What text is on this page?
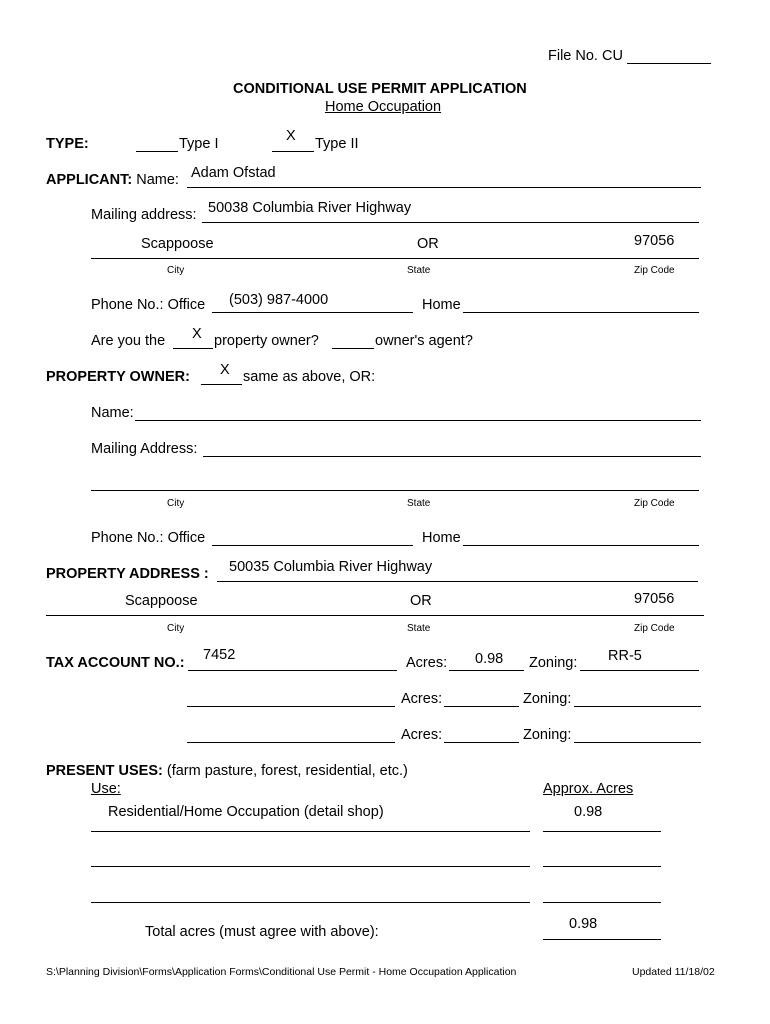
File No. CU
CONDITIONAL USE PERMIT APPLICATION
Home Occupation
TYPE:	Type I	X Type II
APPLICANT: Name: Adam Ofstad
Mailing address: 50038 Columbia River Highway
Scappoose	OR	97056
City	State	Zip Code
Phone No.: Office (503) 987-4000	Home
Are you the X property owner?	owner's agent?
PROPERTY OWNER: X same as above, OR:
Name:
Mailing Address:
City	State	Zip Code
Phone No.: Office	Home
PROPERTY ADDRESS : 50035 Columbia River Highway
Scappoose	OR	97056
City	State	Zip Code
TAX ACCOUNT NO.: 7452	Acres: 0.98 Zoning: RR-5
Acres:	Zoning:
Acres:	Zoning:
PRESENT USES: (farm pasture, forest, residential, etc.)
Use:	Approx. Acres
Residential/Home Occupation (detail shop)	0.98
Total acres (must agree with above):	0.98
S:\Planning Division\Forms\Application Forms\Conditional Use Permit - Home Occupation Application	Updated 11/18/02
